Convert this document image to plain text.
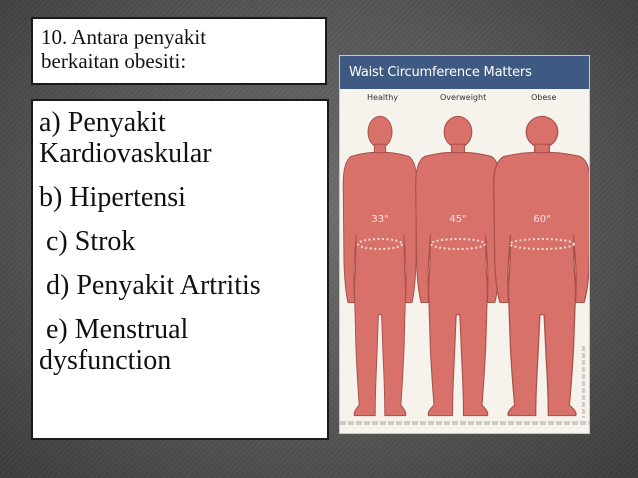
10. Antara penyakit
berkaitan obesiti:
a) Penyakit
Kardiovaskular
b) Hipertensi
c) Strok
d) Penyakit Artritis
e) Menstrual
dysfunction
33"	45"	60"
Waist Circumference Matters
Healthy	Overweight	Obese
